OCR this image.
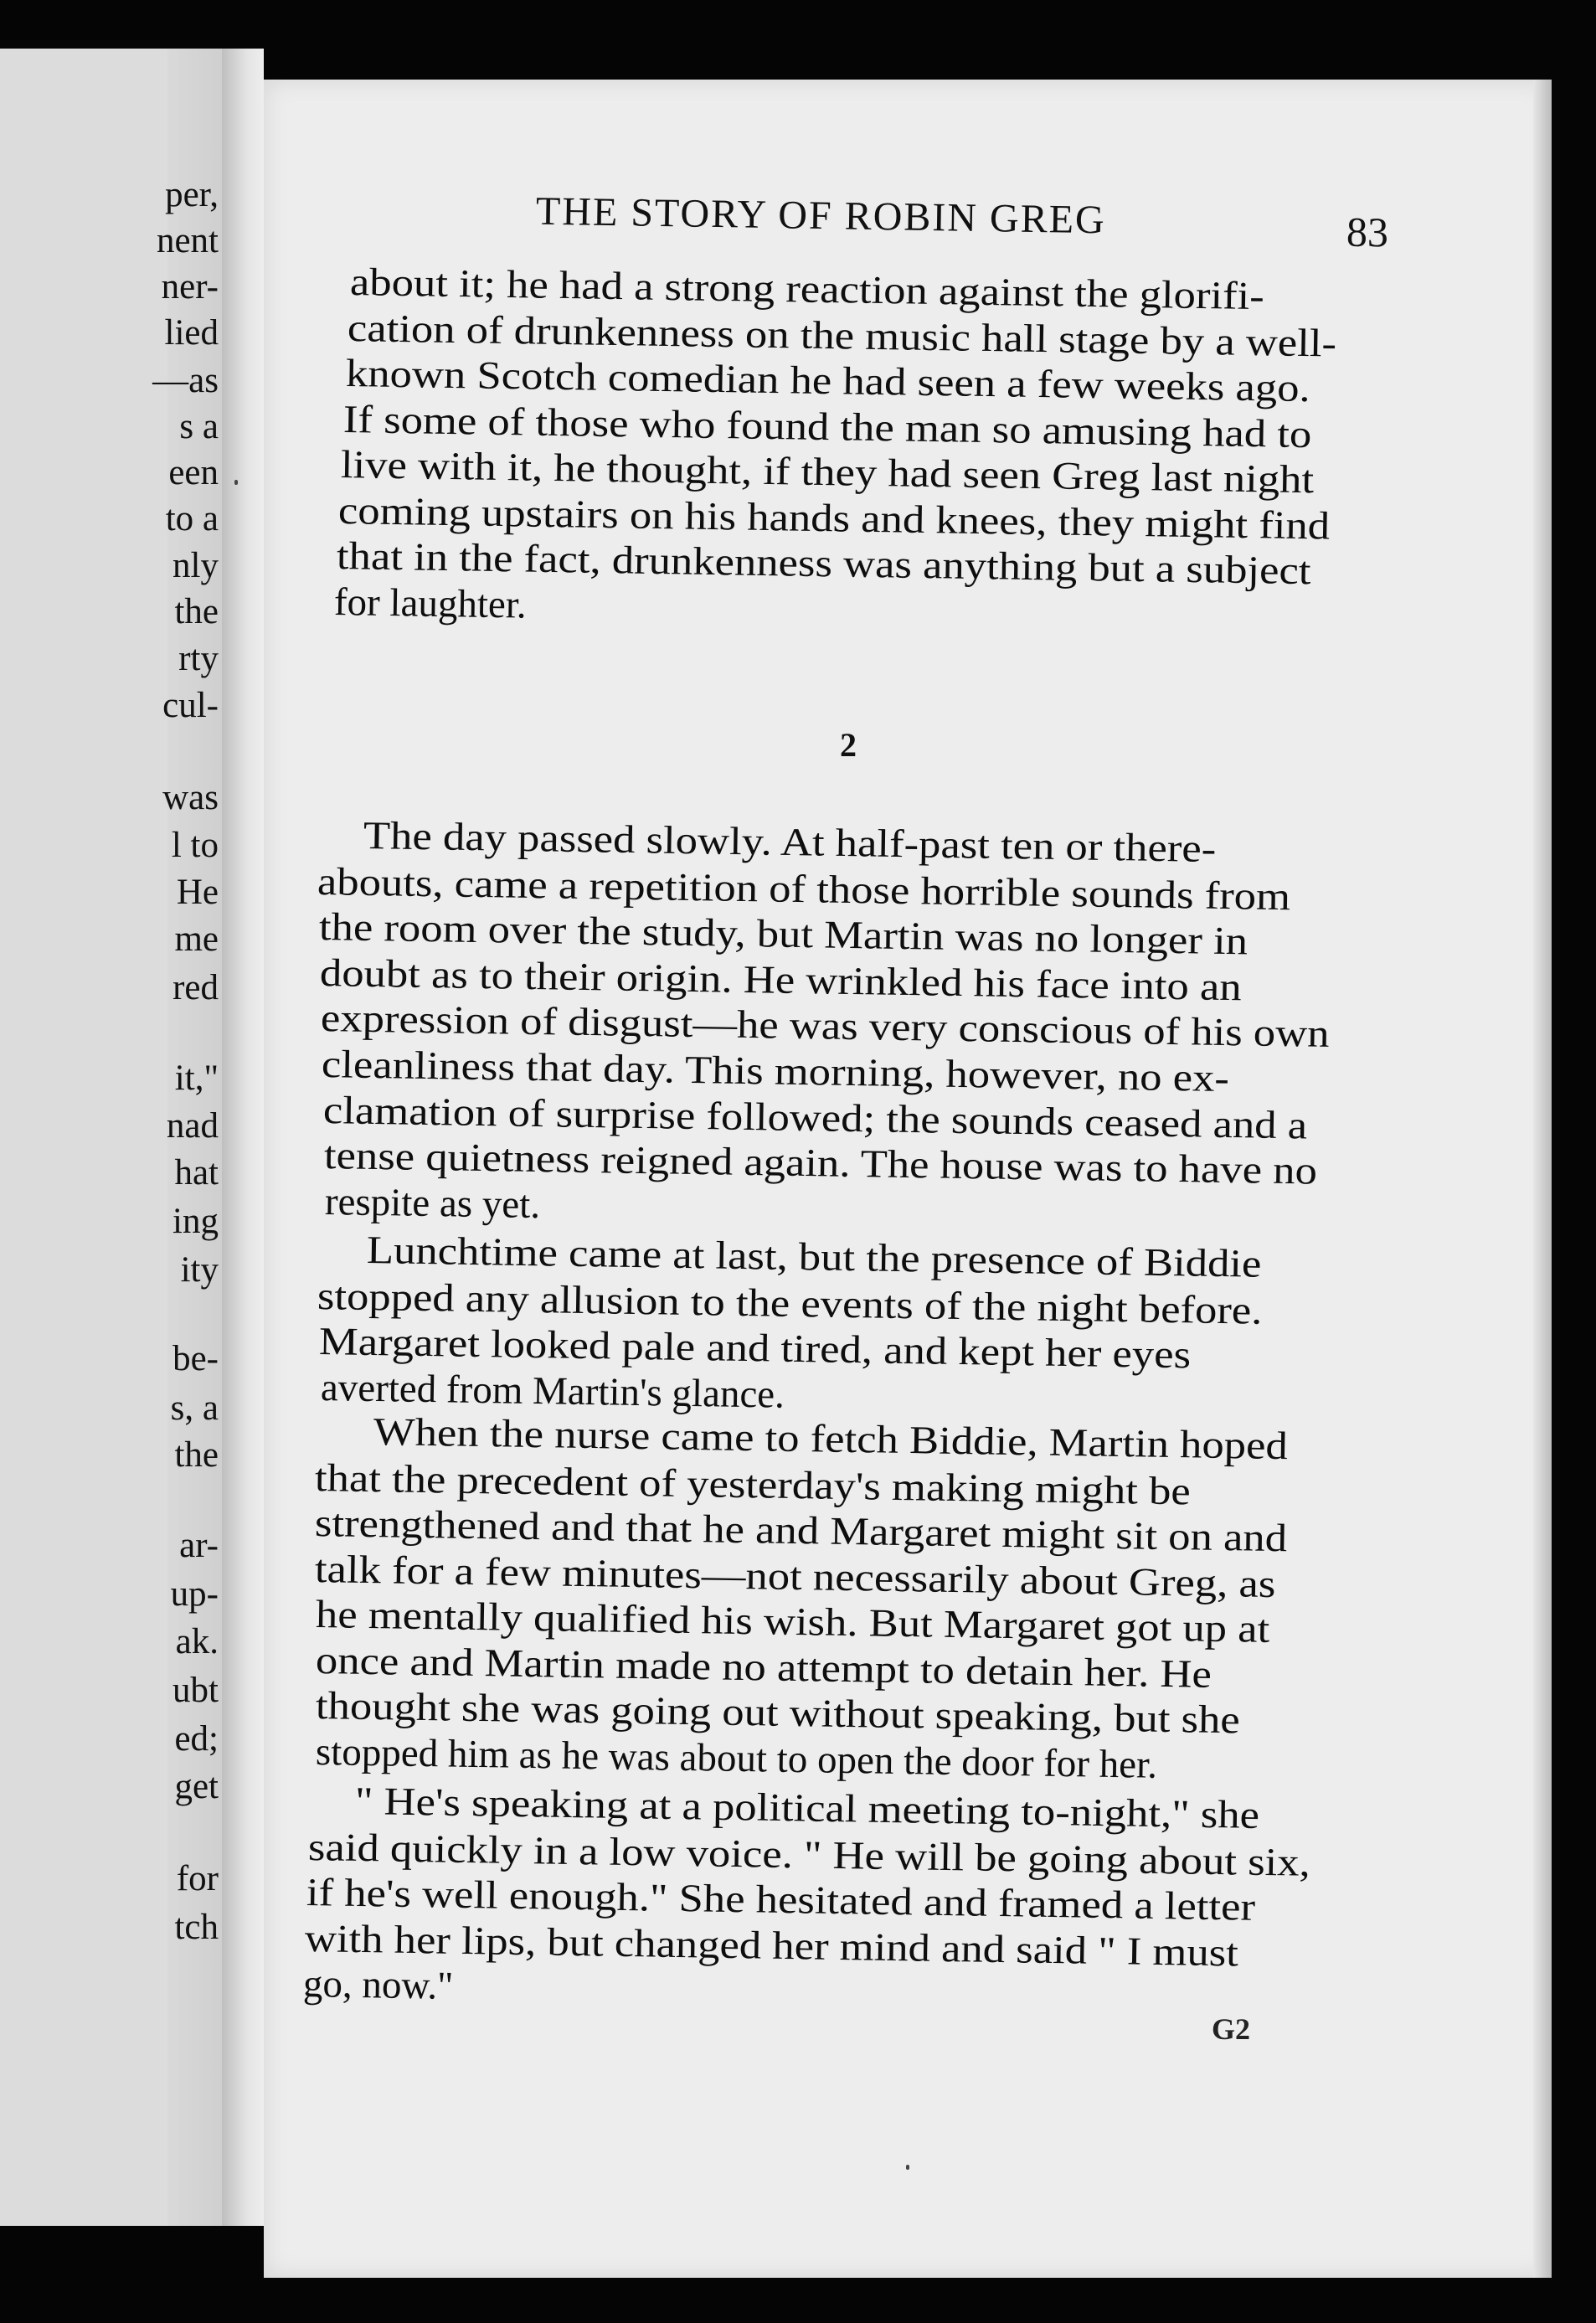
per,

nent

ner-

lied

—as

s a

een

to a

nly

the

rty

cul-

was

l to

He

me

red

it,"

nad

hat

ing

ity

be-

s, a

the

ar-

up-

ak.

ubt

ed;

get

for

tch

THE STORY OF ROBIN GREG	83

about it; he had a strong reaction against the glorifi-

cation of drunkenness on the music hall stage by a well-

known Scotch comedian he had seen a few weeks ago.

If some of those who found the man so amusing had to

live with it, he thought, if they had seen Greg last night

coming upstairs on his hands and knees, they might find

that in the fact, drunkenness was anything but a subject

for laughter.

The day passed slowly. At half-past ten or there-

abouts, came a repetition of those horrible sounds from

the room over the study, but Martin was no longer in

doubt as to their origin. He wrinkled his face into an

expression of disgust—he was very conscious of his own

cleanliness that day. This morning, however, no ex-

clamation of surprise followed; the sounds ceased and a

tense quietness reigned again. The house was to have no

respite as yet.

Lunchtime came at last, but the presence of Biddie

stopped any allusion to the events of the night before.

Margaret looked pale and tired, and kept her eyes

averted from Martin's glance.

When the nurse came to fetch Biddie, Martin hoped

that the precedent of yesterday's making might be

strengthened and that he and Margaret might sit on and

talk for a few minutes—not necessarily about Greg, as

he mentally qualified his wish. But Margaret got up at

once and Martin made no attempt to detain her. He

thought she was going out without speaking, but she

stopped him as he was about to open the door for her.

" He's speaking at a political meeting to-night," she

said quickly in a low voice. " He will be going about six,

if he's well enough." She hesitated and framed a letter

with her lips, but changed her mind and said " I must

go, now."

2

G2
